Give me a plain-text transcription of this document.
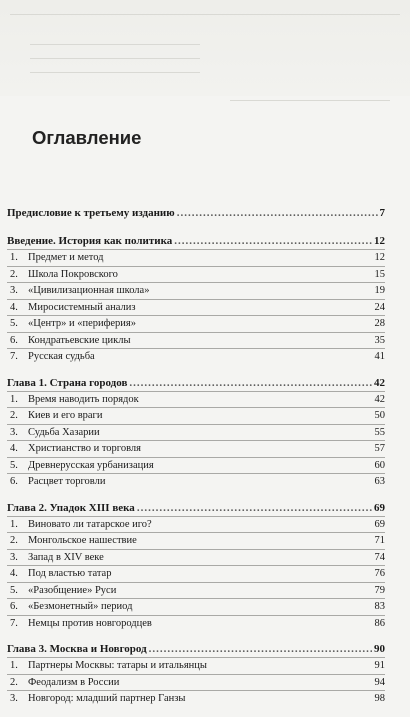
Оглавление
Предисловие к третьему изданию .....	7
Введение. История как политика .....	12
1. Предмет и метод	12
2. Школа Покровского	15
3. «Цивилизационная школа»	19
4. Миросистемный анализ	24
5. «Центр» и «периферия»	28
6. Кондратьевские циклы	35
7. Русская судьба	41
Глава 1. Страна городов .....	42
1. Время наводить порядок	42
2. Киев и его враги	50
3. Судьба Хазарии	55
4. Христианство и торговля	57
5. Древнерусская урбанизация	60
6. Расцвет торговли	63
Глава 2. Упадок XIII века .....	69
1. Виновато ли татарское иго?	69
2. Монгольское нашествие	71
3. Запад в XIV веке	74
4. Под властью татар	76
5. «Разобщение» Руси	79
6. «Безмонетный» период	83
7. Немцы против новгородцев	86
Глава 3. Москва и Новгород .....	90
1. Партнеры Москвы: татары и итальянцы	91
2. Феодализм в России	94
3. Новгород: младший партнер Ганзы	98
